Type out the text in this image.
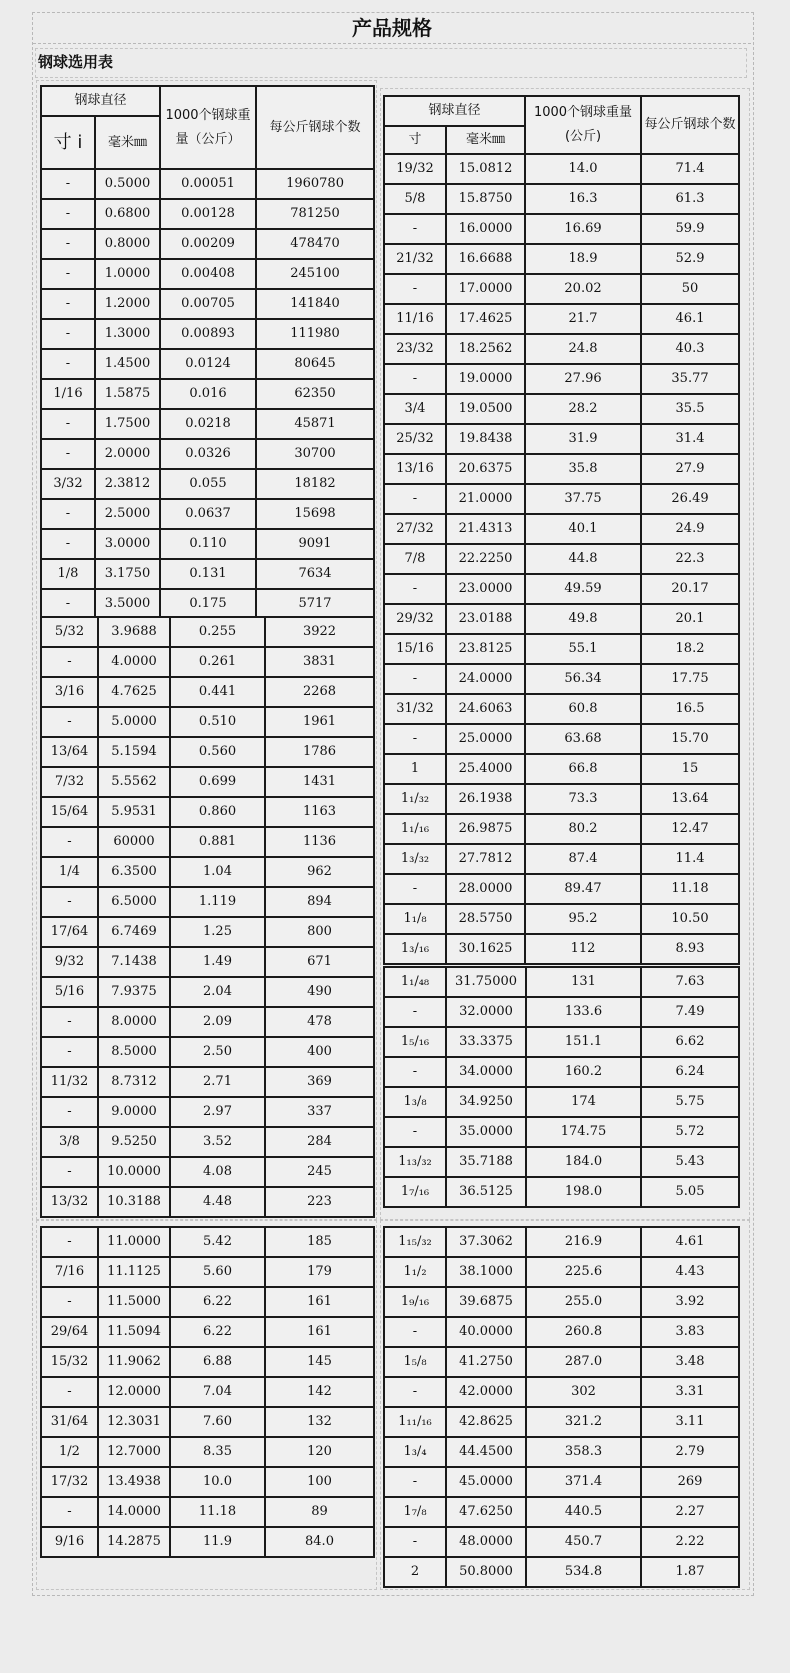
产品规格
钢球选用表
钢球直径		1000个钢球重量（公斤）	每公斤钢球个数
寸 i	毫米㎜		
-	0.5000	0.00051	1960780
-	0.6800	0.00128	781250
-	0.8000	0.00209	478470
-	1.0000	0.00408	245100
-	1.2000	0.00705	141840
-	1.3000	0.00893	111980
-	1.4500	0.0124	80645
1/16	1.5875	0.016	62350
-	1.7500	0.0218	45871
-	2.0000	0.0326	30700
3/32	2.3812	0.055	18182
-	2.5000	0.0637	15698
-	3.0000	0.110	9091
1/8	3.1750	0.131	7634
-	3.5000	0.175	5717
5/32	3.9688	0.255	3922
-	4.0000	0.261	3831
3/16	4.7625	0.441	2268
-	5.0000	0.510	1961
13/64	5.1594	0.560	1786
7/32	5.5562	0.699	1431
15/64	5.9531	0.860	1163
-	60000	0.881	1136
1/4	6.3500	1.04	962
-	6.5000	1.119	894
17/64	6.7469	1.25	800
9/32	7.1438	1.49	671
5/16	7.9375	2.04	490
-	8.0000	2.09	478
-	8.5000	2.50	400
11/32	8.7312	2.71	369
-	9.0000	2.97	337
3/8	9.5250	3.52	284
-	10.0000	4.08	245
13/32	10.3188	4.48	223
-	11.0000	5.42	185
7/16	11.1125	5.60	179
-	11.5000	6.22	161
29/64	11.5094	6.22	161
15/32	11.9062	6.88	145
-	12.0000	7.04	142
31/64	12.3031	7.60	132
1/2	12.7000	8.35	120
17/32	13.4938	10.0	100
-	14.0000	11.18	89
9/16	14.2875	11.9	84.0
钢球直径		1000个钢球重量(公斤)	每公斤钢球个数
寸	毫米㎜		
19/32	15.0812	14.0	71.4
5/8	15.8750	16.3	61.3
-	16.0000	16.69	59.9
21/32	16.6688	18.9	52.9
-	17.0000	20.02	50
11/16	17.4625	21.7	46.1
23/32	18.2562	24.8	40.3
-	19.0000	27.96	35.77
3/4	19.0500	28.2	35.5
25/32	19.8438	31.9	31.4
13/16	20.6375	35.8	27.9
-	21.0000	37.75	26.49
27/32	21.4313	40.1	24.9
7/8	22.2250	44.8	22.3
-	23.0000	49.59	20.17
29/32	23.0188	49.8	20.1
15/16	23.8125	55.1	18.2
-	24.0000	56.34	17.75
31/32	24.6063	60.8	16.5
-	25.0000	63.68	15.70
1	25.4000	66.8	15
1₁/₃₂	26.1938	73.3	13.64
1₁/₁₆	26.9875	80.2	12.47
1₃/₃₂	27.7812	87.4	11.4
-	28.0000	89.47	11.18
1₁/₈	28.5750	95.2	10.50
1₃/₁₆	30.1625	112	8.93
1₁/₄₈	31.75000	131	7.63
-	32.0000	133.6	7.49
1₅/₁₆	33.3375	151.1	6.62
-	34.0000	160.2	6.24
1₃/₈	34.9250	174	5.75
-	35.0000	174.75	5.72
1₁₃/₃₂	35.7188	184.0	5.43
1₇/₁₆	36.5125	198.0	5.05
1₁₅/₃₂	37.3062	216.9	4.61
1₁/₂	38.1000	225.6	4.43
1₉/₁₆	39.6875	255.0	3.92
-	40.0000	260.8	3.83
1₅/₈	41.2750	287.0	3.48
-	42.0000	302	3.31
1₁₁/₁₆	42.8625	321.2	3.11
1₃/₄	44.4500	358.3	2.79
-	45.0000	371.4	269
1₇/₈	47.6250	440.5	2.27
-	48.0000	450.7	2.22
2	50.8000	534.8	1.87
